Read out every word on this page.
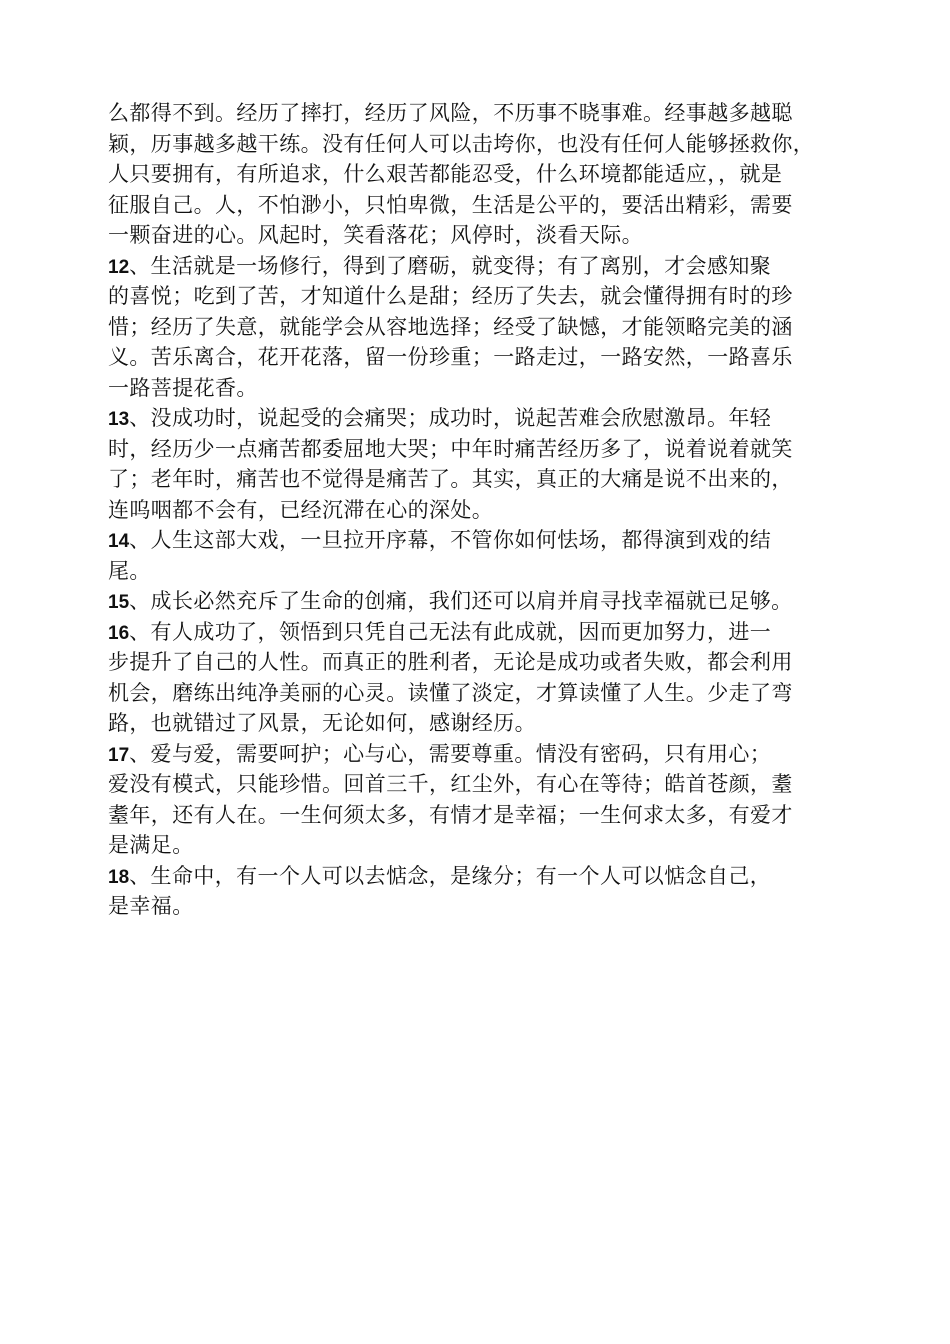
么都得不到。经历了摔打，经历了风险，不历事不晓事难。经事越多越聪
颖，历事越多越干练。没有任何人可以击垮你，也没有任何人能够拯救你，
人只要拥有，有所追求，什么艰苦都能忍受，什么环境都能适应，，就是
征服自己。人，不怕渺小，只怕卑微，生活是公平的，要活出精彩，需要
一颗奋进的心。风起时，笑看落花；风停时，淡看天际。
12、生活就是一场修行，得到了磨砺，就变得；有了离别，才会感知聚
的喜悦；吃到了苦，才知道什么是甜；经历了失去，就会懂得拥有时的珍
惜；经历了失意，就能学会从容地选择；经受了缺憾，才能领略完美的涵
义。苦乐离合，花开花落，留一份珍重；一路走过，一路安然，一路喜乐
一路菩提花香。
13、没成功时，说起受的会痛哭；成功时，说起苦难会欣慰激昂。年轻
时，经历少一点痛苦都委屈地大哭；中年时痛苦经历多了，说着说着就笑
了；老年时，痛苦也不觉得是痛苦了。其实，真正的大痛是说不出来的，
连呜咽都不会有，已经沉滞在心的深处。
14、人生这部大戏，一旦拉开序幕，不管你如何怯场，都得演到戏的结
尾。
15、成长必然充斥了生命的创痛，我们还可以肩并肩寻找幸福就已足够。
16、有人成功了，领悟到只凭自己无法有此成就，因而更加努力，进一
步提升了自己的人性。而真正的胜利者，无论是成功或者失败，都会利用
机会，磨练出纯净美丽的心灵。读懂了淡定，才算读懂了人生。少走了弯
路，也就错过了风景，无论如何，感谢经历。
17、爱与爱，需要呵护；心与心，需要尊重。情没有密码，只有用心；
爱没有模式，只能珍惜。回首三千，红尘外，有心在等待；皓首苍颜，耋
耋年，还有人在。一生何须太多，有情才是幸福；一生何求太多，有爱才
是满足。
18、生命中，有一个人可以去惦念，是缘分；有一个人可以惦念自己，
是幸福。
